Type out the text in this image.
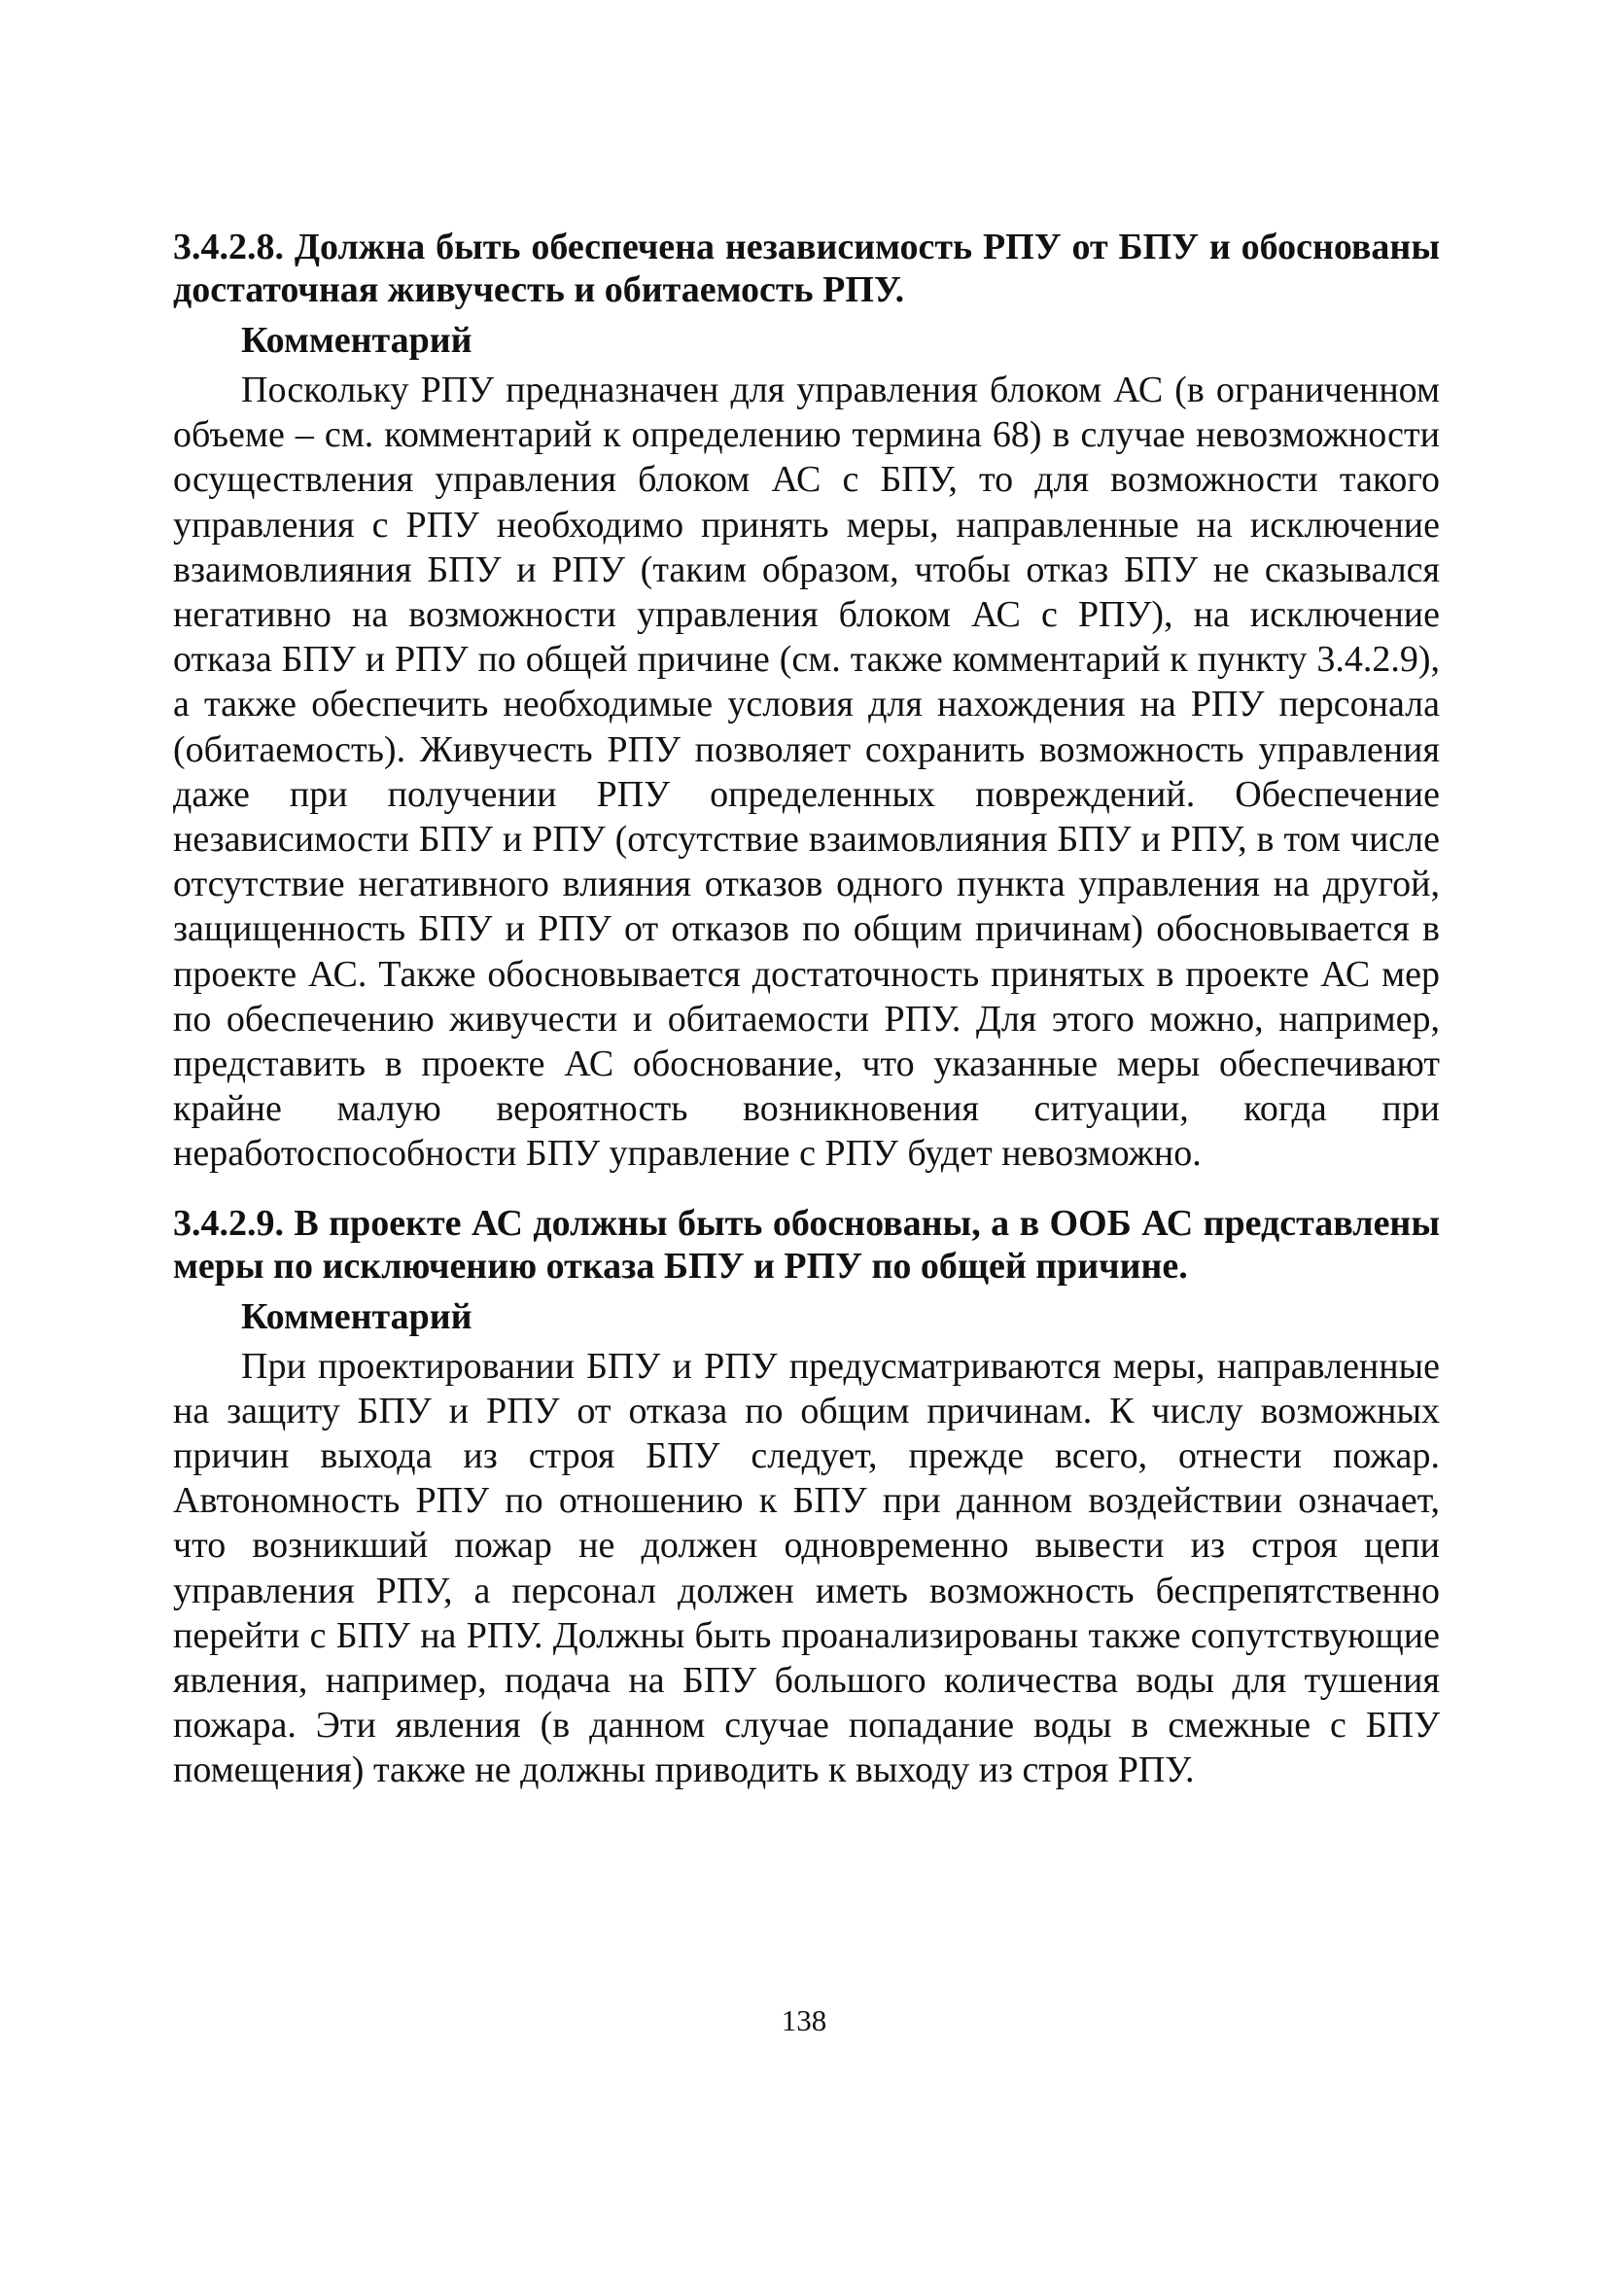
3.4.2.8. Должна быть обеспечена независимость РПУ от БПУ и обоснованы достаточная живучесть и обитаемость РПУ.

Комментарий

Поскольку РПУ предназначен для управления блоком АС (в ограниченном объеме – см. комментарий к определению термина 68) в случае невозможности осуществления управления блоком АС с БПУ, то для возможности такого управления с РПУ необходимо принять меры, направленные на исключение взаимовлияния БПУ и РПУ (таким образом, чтобы отказ БПУ не сказывался негативно на возможности управления блоком АС с РПУ), на исключение отказа БПУ и РПУ по общей причине (см. также комментарий к пункту 3.4.2.9), а также обеспечить необходимые условия для нахождения на РПУ персонала (обитаемость). Живучесть РПУ позволяет сохранить возможность управления даже при получении РПУ определенных повреждений. Обеспечение независимости БПУ и РПУ (отсутствие взаимовлияния БПУ и РПУ, в том числе отсутствие негативного влияния отказов одного пункта управления на другой, защищенность БПУ и РПУ от отказов по общим причинам) обосновывается в проекте АС. Также обосновывается достаточность принятых в проекте АС мер по обеспечению живучести и обитаемости РПУ. Для этого можно, например, представить в проекте АС обоснование, что указанные меры обеспечивают крайне малую вероятность возникновения ситуации, когда при неработоспособности БПУ управление с РПУ будет невозможно.

3.4.2.9. В проекте АС должны быть обоснованы, а в ООБ АС представлены меры по исключению отказа БПУ и РПУ по общей причине.

Комментарий

При проектировании БПУ и РПУ предусматриваются меры, направленные на защиту БПУ и РПУ от отказа по общим причинам. К числу возможных причин выхода из строя БПУ следует, прежде всего, отнести пожар. Автономность РПУ по отношению к БПУ при данном воздействии означает, что возникший пожар не должен одновременно вывести из строя цепи управления РПУ, а персонал должен иметь возможность беспрепятственно перейти с БПУ на РПУ. Должны быть проанализированы также сопутствующие явления, например, подача на БПУ большого количества воды для тушения пожара. Эти явления (в данном случае попадание воды в смежные с БПУ помещения) также не должны приводить к выходу из строя РПУ.

138
